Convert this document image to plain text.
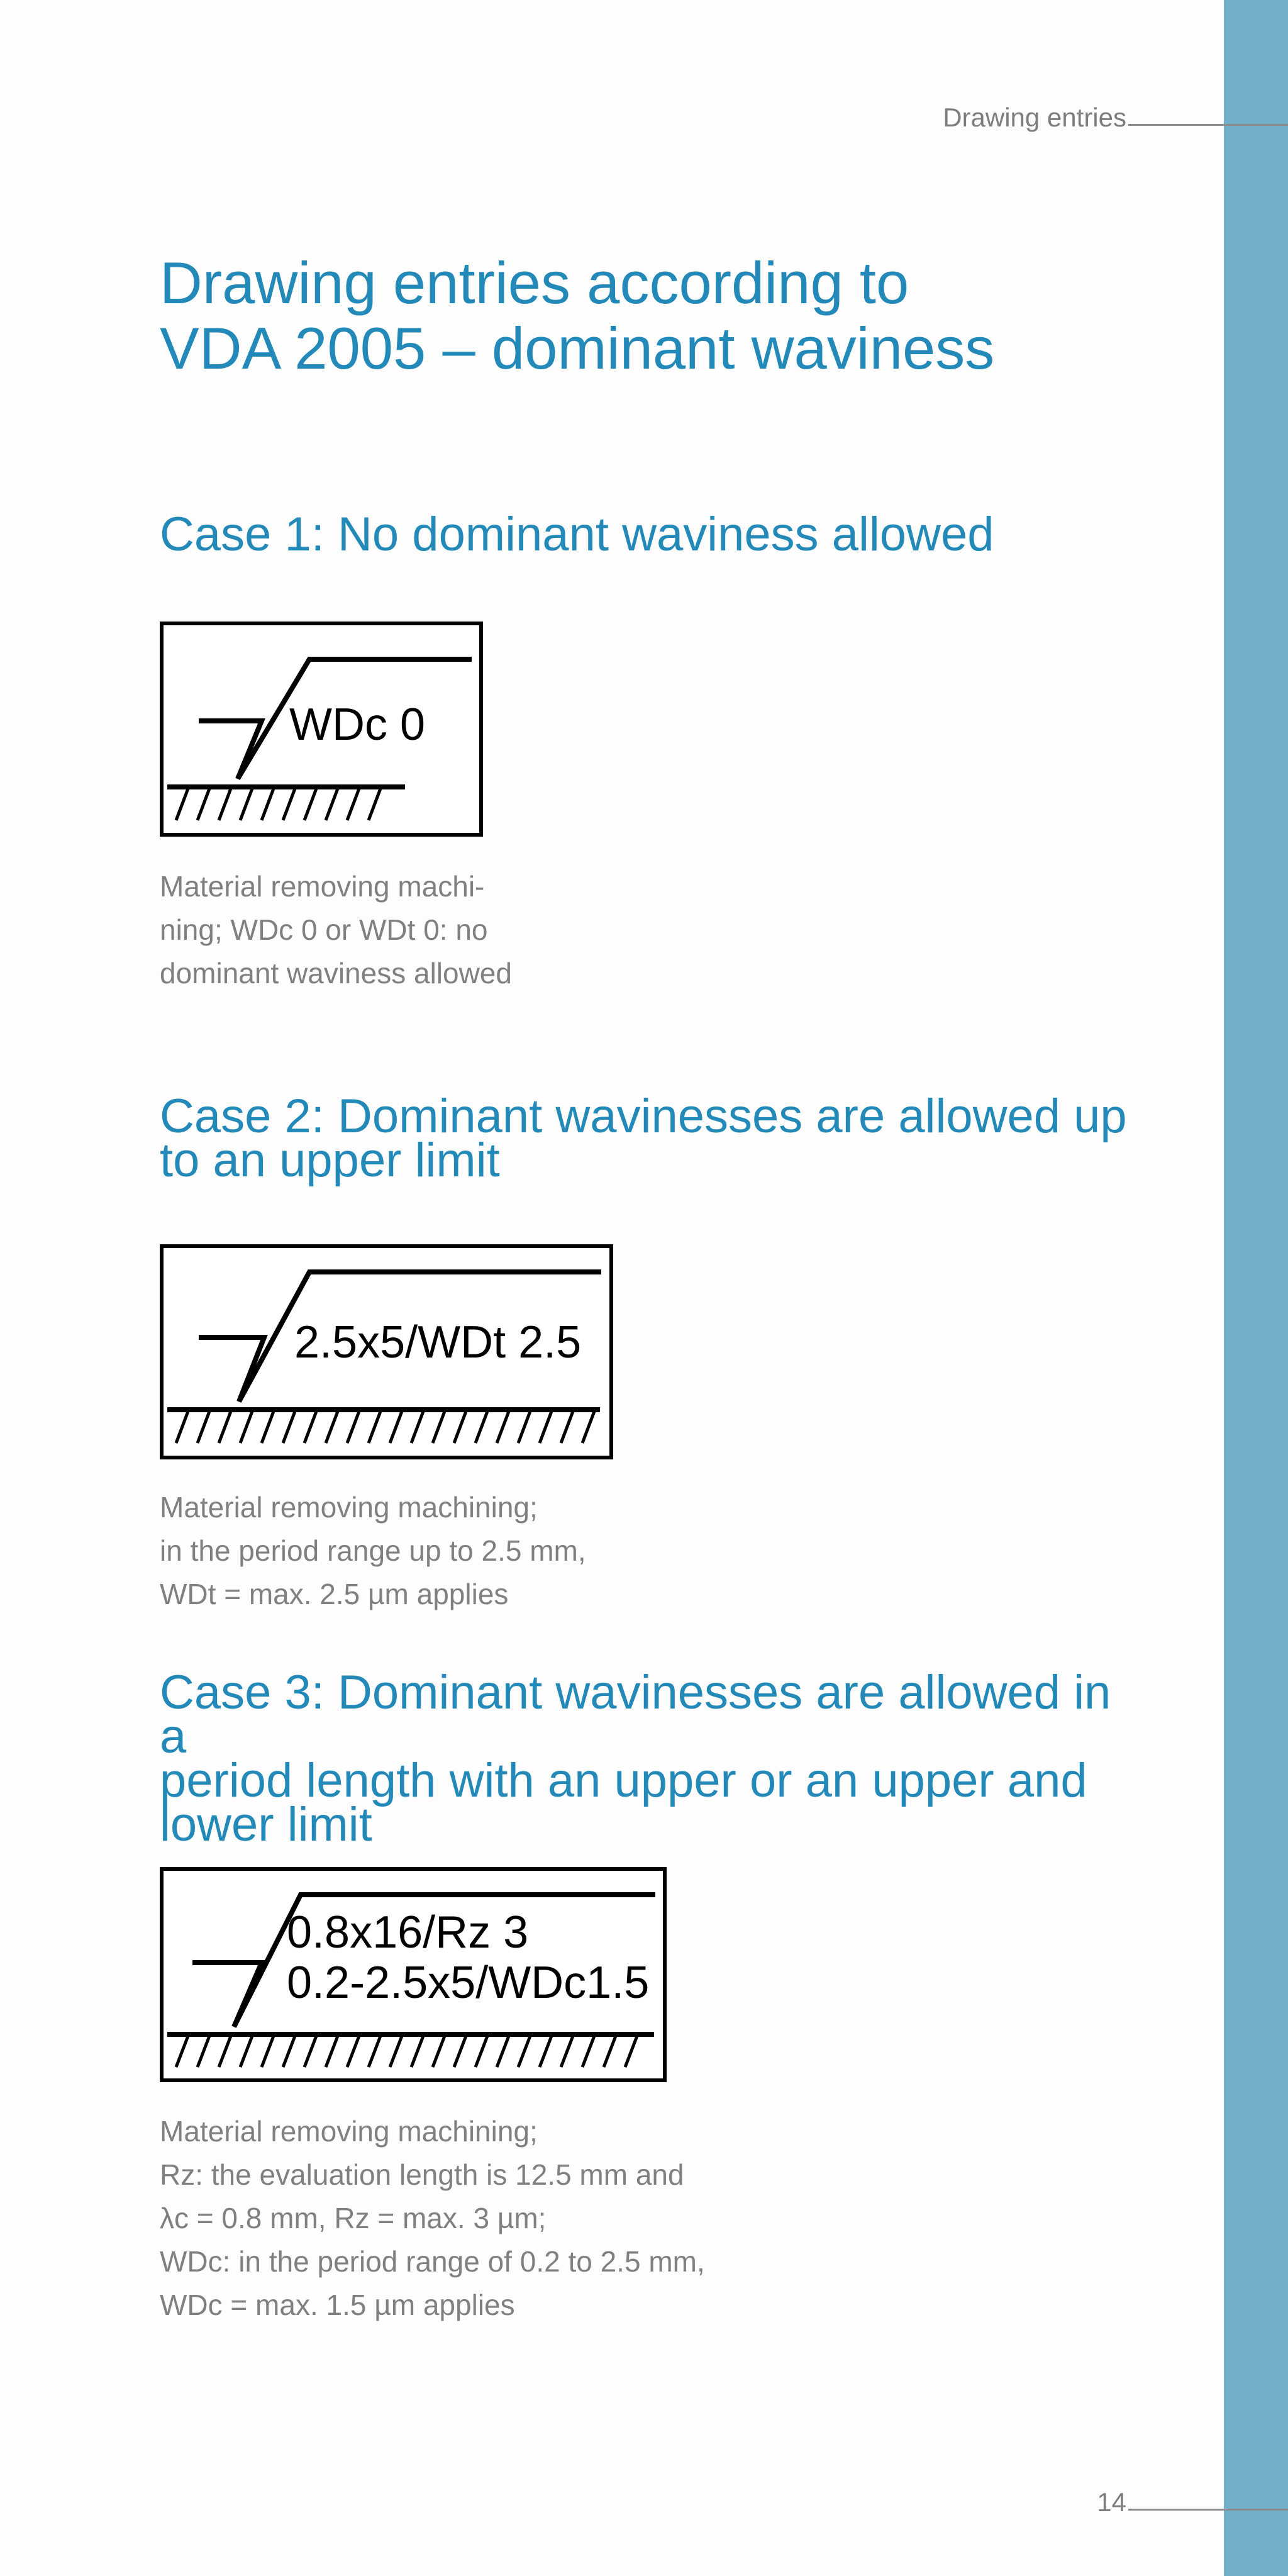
Drawing entries
Drawing entries according to
VDA 2005 – dominant waviness
Case 1: No dominant waviness allowed
WDc 0

Material removing machi-
ning; WDc 0 or WDt 0: no
dominant waviness allowed

Case 2: Dominant wavinesses are allowed up
to an upper limit
2.5x5/WDt 2.5

Material removing machining;
in the period range up to 2.5 mm,
WDt = max. 2.5 µm applies

Case 3: Dominant wavinesses are allowed in a
period length with an upper or an upper and
lower limit
0.8x16/Rz 3
0.2-2.5x5/WDc1.5

Material removing machining;
Rz: the evaluation length is 12.5 mm and
λc = 0.8 mm, Rz = max. 3 µm;
WDc: in the period range of 0.2 to 2.5 mm,
WDc = max. 1.5 µm applies

14
